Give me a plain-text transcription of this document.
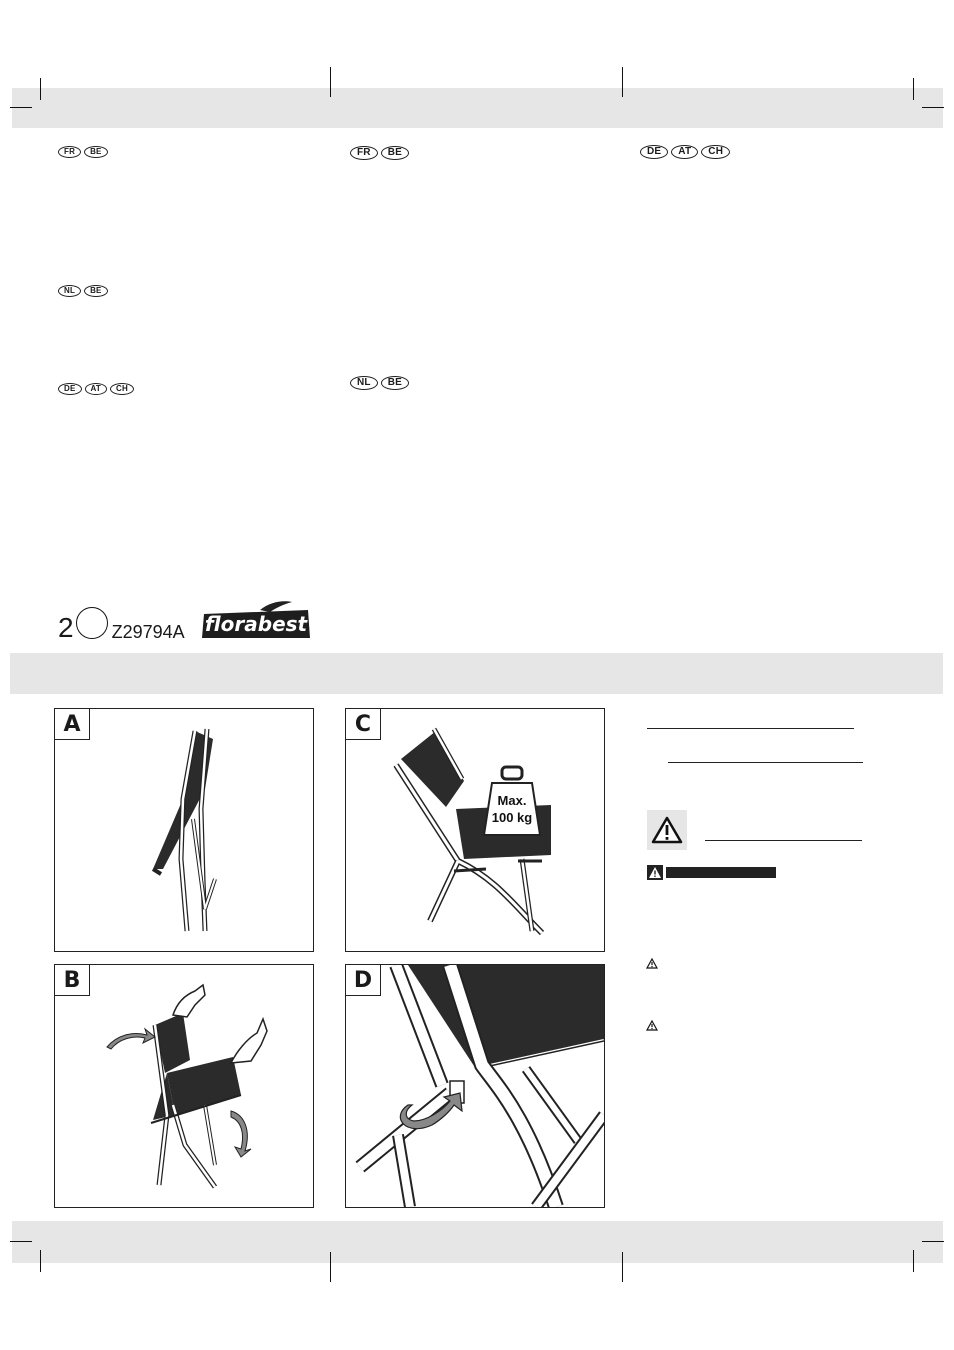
FR	BE
NL	BE
DE	AT	CH
FR	BE
NL	BE
DE	AT	CH
2 Z29794A florabest
A
B
Max.
100 kg
C
D
